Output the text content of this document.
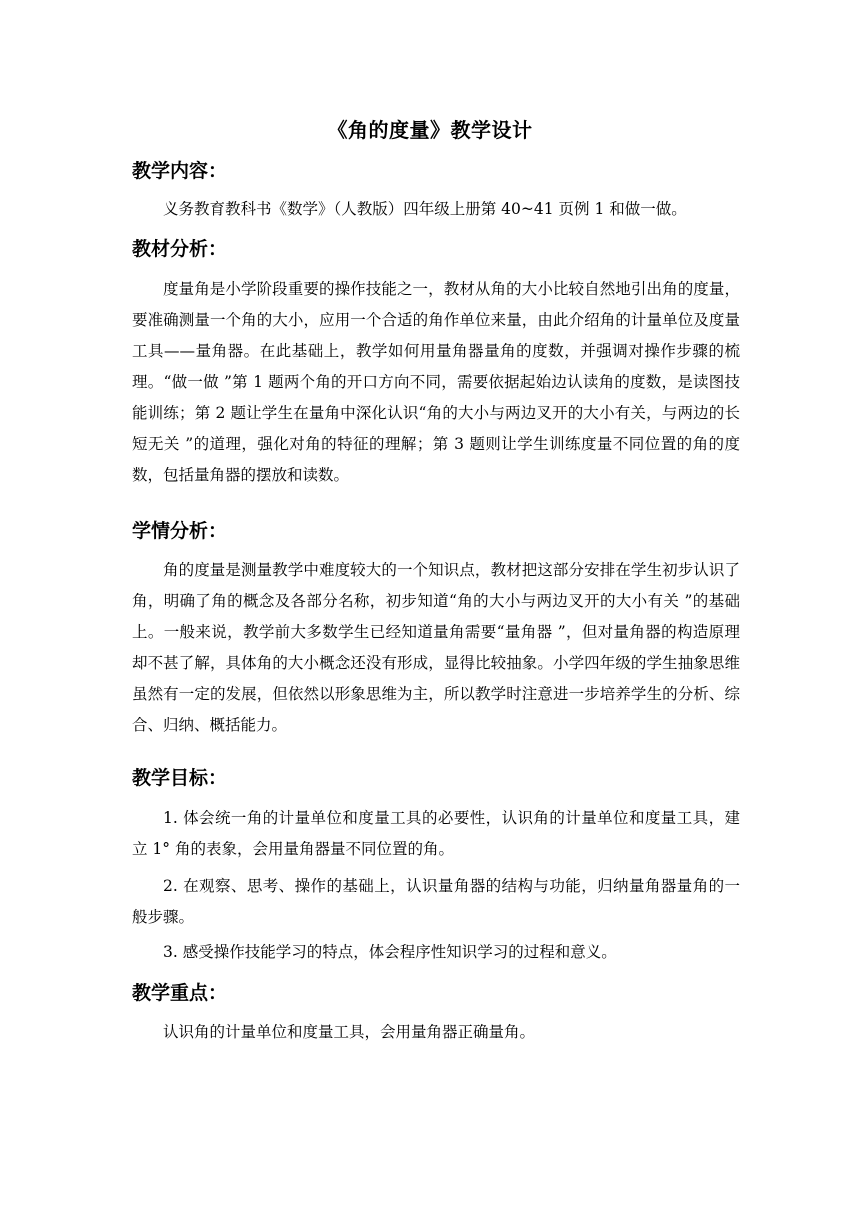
《角的度量》教学设计
教学内容：

义务教育教科书《数学》（人教版）四年级上册第 40~41 页例 1 和做一做。

教材分析：

度量角是小学阶段重要的操作技能之一，教材从角的大小比较自然地引出角的度量，要准确测量一个角的大小，应用一个合适的角作单位来量，由此介绍角的计量单位及度量工具——量角器。在此基础上，教学如何用量角器量角的度数，并强调对操作步骤的梳理。“做一做 ”第 1 题两个角的开口方向不同，需要依据起始边认读角的度数，是读图技能训练；第 2 题让学生在量角中深化认识“角的大小与两边叉开的大小有关，与两边的长短无关 ”的道理，强化对角的特征的理解；第 3 题则让学生训练度量不同位置的角的度数，包括量角器的摆放和读数。

学情分析：

角的度量是测量教学中难度较大的一个知识点，教材把这部分安排在学生初步认识了角，明确了角的概念及各部分名称，初步知道“角的大小与两边叉开的大小有关 ”的基础上。一般来说，教学前大多数学生已经知道量角需要“量角器 ”，但对量角器的构造原理却不甚了解，具体角的大小概念还没有形成，显得比较抽象。小学四年级的学生抽象思维虽然有一定的发展，但依然以形象思维为主，所以教学时注意进一步培养学生的分析、综合、归纳、概括能力。

教学目标：

1. 体会统一角的计量单位和度量工具的必要性，认识角的计量单位和度量工具，建立 1° 角的表象，会用量角器量不同位置的角。

2. 在观察、思考、操作的基础上，认识量角器的结构与功能，归纳量角器量角的一般步骤。

3. 感受操作技能学习的特点，体会程序性知识学习的过程和意义。

教学重点：

认识角的计量单位和度量工具，会用量角器正确量角。
